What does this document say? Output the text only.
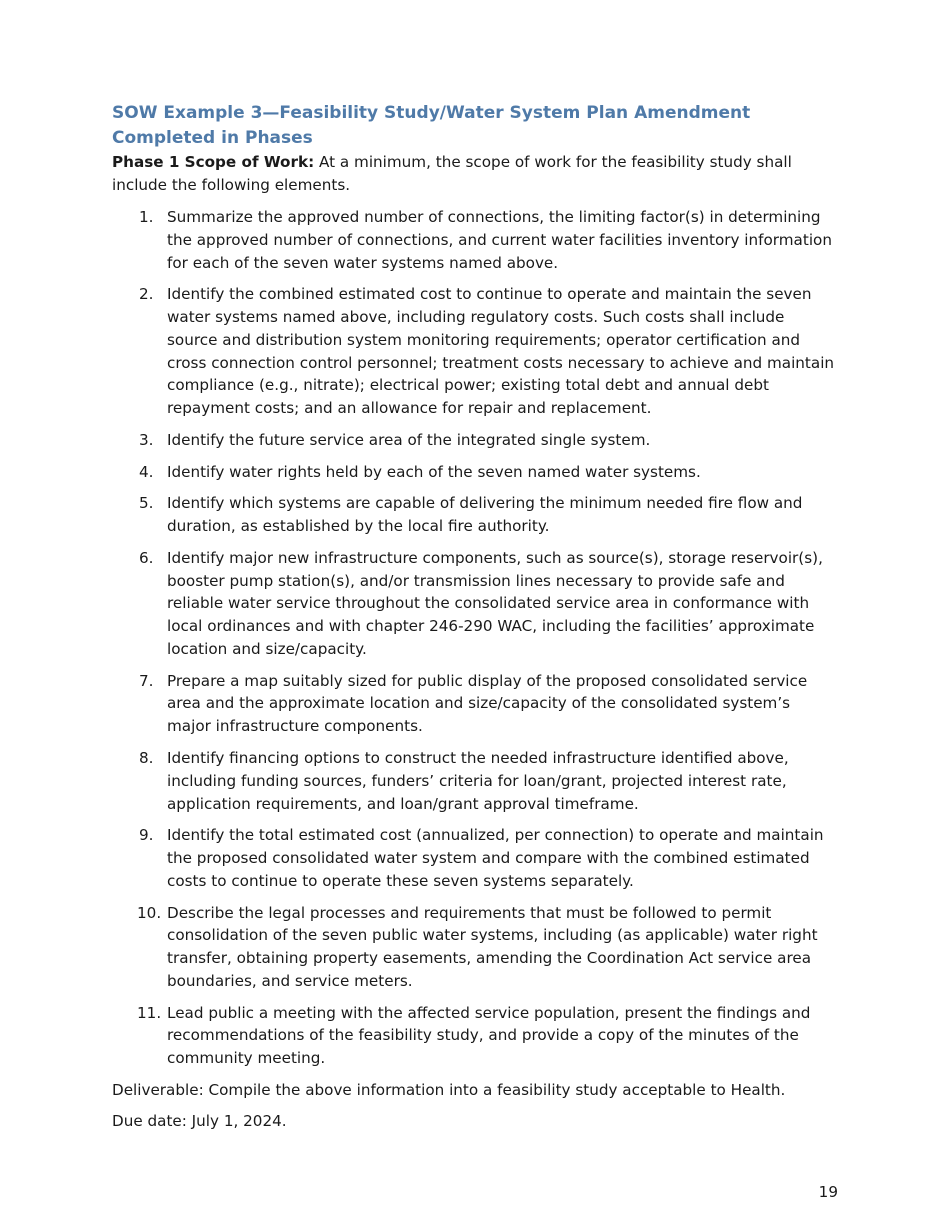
SOW Example 3—Feasibility Study/Water System Plan Amendment Completed in Phases

Phase 1 Scope of Work: At a minimum, the scope of work for the feasibility study shall include the following elements.

1. Summarize the approved number of connections, the limiting factor(s) in determining the approved number of connections, and current water facilities inventory information for each of the seven water systems named above.
2. Identify the combined estimated cost to continue to operate and maintain the seven water systems named above, including regulatory costs. Such costs shall include source and distribution system monitoring requirements; operator certification and cross connection control personnel; treatment costs necessary to achieve and maintain compliance (e.g., nitrate); electrical power; existing total debt and annual debt repayment costs; and an allowance for repair and replacement.
3. Identify the future service area of the integrated single system.
4. Identify water rights held by each of the seven named water systems.
5. Identify which systems are capable of delivering the minimum needed fire flow and duration, as established by the local fire authority.
6. Identify major new infrastructure components, such as source(s), storage reservoir(s), booster pump station(s), and/or transmission lines necessary to provide safe and reliable water service throughout the consolidated service area in conformance with local ordinances and with chapter 246-290 WAC, including the facilities’ approximate location and size/capacity.
7. Prepare a map suitably sized for public display of the proposed consolidated service area and the approximate location and size/capacity of the consolidated system’s major infrastructure components.
8. Identify financing options to construct the needed infrastructure identified above, including funding sources, funders’ criteria for loan/grant, projected interest rate, application requirements, and loan/grant approval timeframe.
9. Identify the total estimated cost (annualized, per connection) to operate and maintain the proposed consolidated water system and compare with the combined estimated costs to continue to operate these seven systems separately.
10. Describe the legal processes and requirements that must be followed to permit consolidation of the seven public water systems, including (as applicable) water right transfer, obtaining property easements, amending the Coordination Act service area boundaries, and service meters.
11. Lead public a meeting with the affected service population, present the findings and recommendations of the feasibility study, and provide a copy of the minutes of the community meeting.

Deliverable: Compile the above information into a feasibility study acceptable to Health.

Due date: July 1, 2024.

19
